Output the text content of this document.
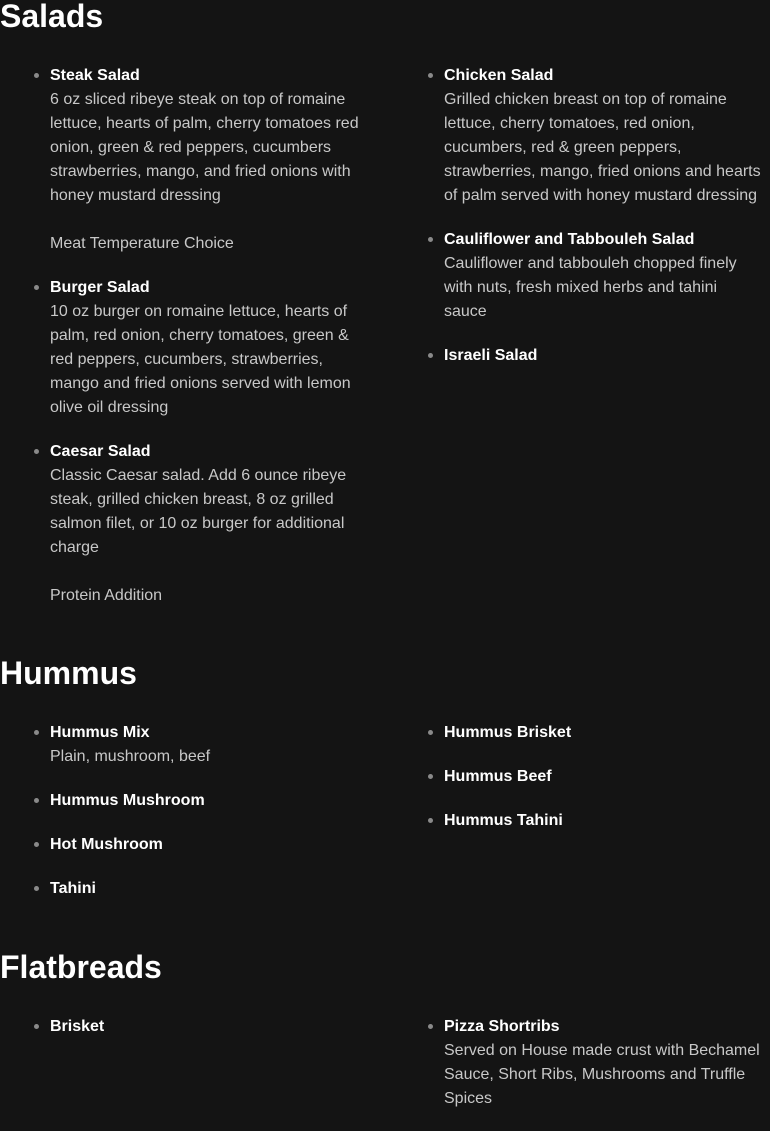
Salads
Steak Salad
6 oz sliced ribeye steak on top of romaine lettuce, hearts of palm, cherry tomatoes red onion, green & red peppers, cucumbers strawberries, mango, and fried onions with honey mustard dressing
Meat Temperature Choice
Burger Salad
10 oz burger on romaine lettuce, hearts of palm, red onion, cherry tomatoes, green & red peppers, cucumbers, strawberries, mango and fried onions served with lemon olive oil dressing
Caesar Salad
Classic Caesar salad. Add 6 ounce ribeye steak, grilled chicken breast, 8 oz grilled salmon filet, or 10 oz burger for additional charge
Protein Addition
Chicken Salad
Grilled chicken breast on top of romaine lettuce, cherry tomatoes, red onion, cucumbers, red & green peppers, strawberries, mango, fried onions and hearts of palm served with honey mustard dressing
Cauliflower and Tabbouleh Salad
Cauliflower and tabbouleh chopped finely with nuts, fresh mixed herbs and tahini sauce
Israeli Salad
Hummus
Hummus Mix
Plain, mushroom, beef
Hummus Mushroom
Hot Mushroom
Tahini
Hummus Brisket
Hummus Beef
Hummus Tahini
Flatbreads
Brisket	Pizza Shortribs
Served on House made crust with Bechamel Sauce, Short Ribs, Mushrooms and Truffle Spices
